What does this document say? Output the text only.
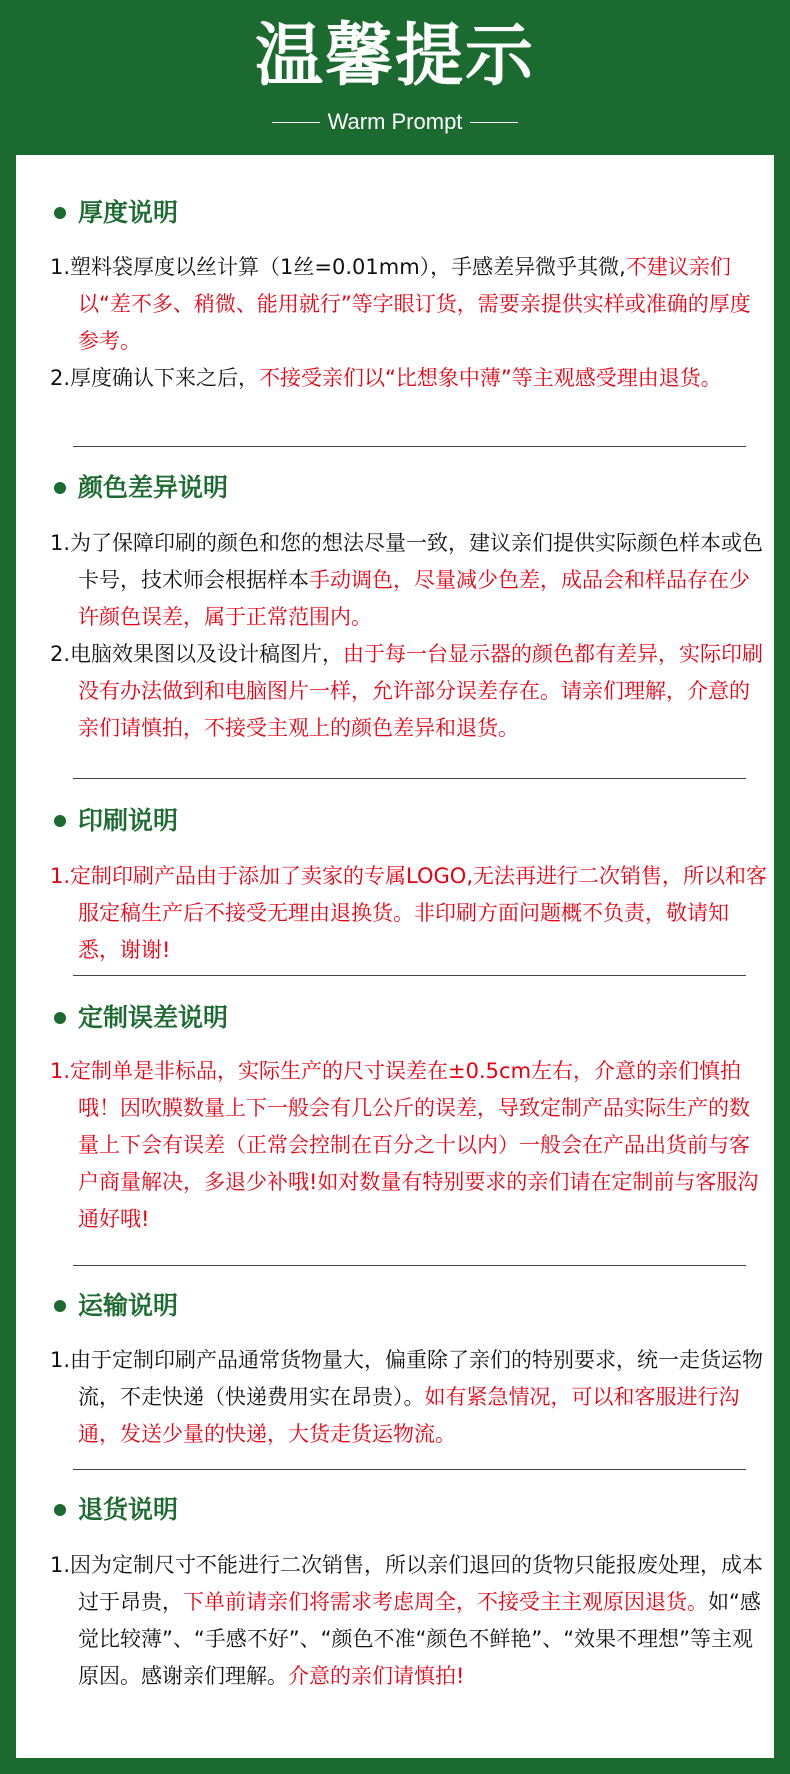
温馨提示
Warm Prompt
厚度说明

1.塑料袋厚度以丝计算（1丝=0.01mm），手感差异微乎其微,不建议亲们以“差不多、稍微、能用就行”等字眼订货，需要亲提供实样或准确的厚度参考。

2.厚度确认下来之后，不接受亲们以“比想象中薄”等主观感受理由退货。

颜色差异说明

1.为了保障印刷的颜色和您的想法尽量一致，建议亲们提供实际颜色样本或色卡号，技术师会根据样本手动调色，尽量减少色差，成品会和样品存在少许颜色误差，属于正常范围内。

2.电脑效果图以及设计稿图片，由于每一台显示器的颜色都有差异，实际印刷没有办法做到和电脑图片一样，允许部分误差存在。请亲们理解，介意的亲们请慎拍，不接受主观上的颜色差异和退货。

印刷说明

1.定制印刷产品由于添加了卖家的专属LOGO,无法再进行二次销售，所以和客服定稿生产后不接受无理由退换货。非印刷方面问题概不负责，敬请知悉，谢谢!

定制误差说明

1.定制单是非标品，实际生产的尺寸误差在±0.5cm左右，介意的亲们慎拍哦！因吹膜数量上下一般会有几公斤的误差，导致定制产品实际生产的数量上下会有误差（正常会控制在百分之十以内）一般会在产品出货前与客户商量解决，多退少补哦!如对数量有特别要求的亲们请在定制前与客服沟通好哦!

运输说明

1.由于定制印刷产品通常货物量大，偏重除了亲们的特别要求，统一走货运物流，不走快递（快递费用实在昂贵）。如有紧急情况，可以和客服进行沟通，发送少量的快递，大货走货运物流。

退货说明

1.因为定制尺寸不能进行二次销售，所以亲们退回的货物只能报废处理，成本过于昂贵，下单前请亲们将需求考虑周全，不接受主主观原因退货。如“感觉比较薄”、“手感不好”、“颜色不准“颜色不鲜艳”、“效果不理想”等主观原因。感谢亲们理解。介意的亲们请慎拍!
